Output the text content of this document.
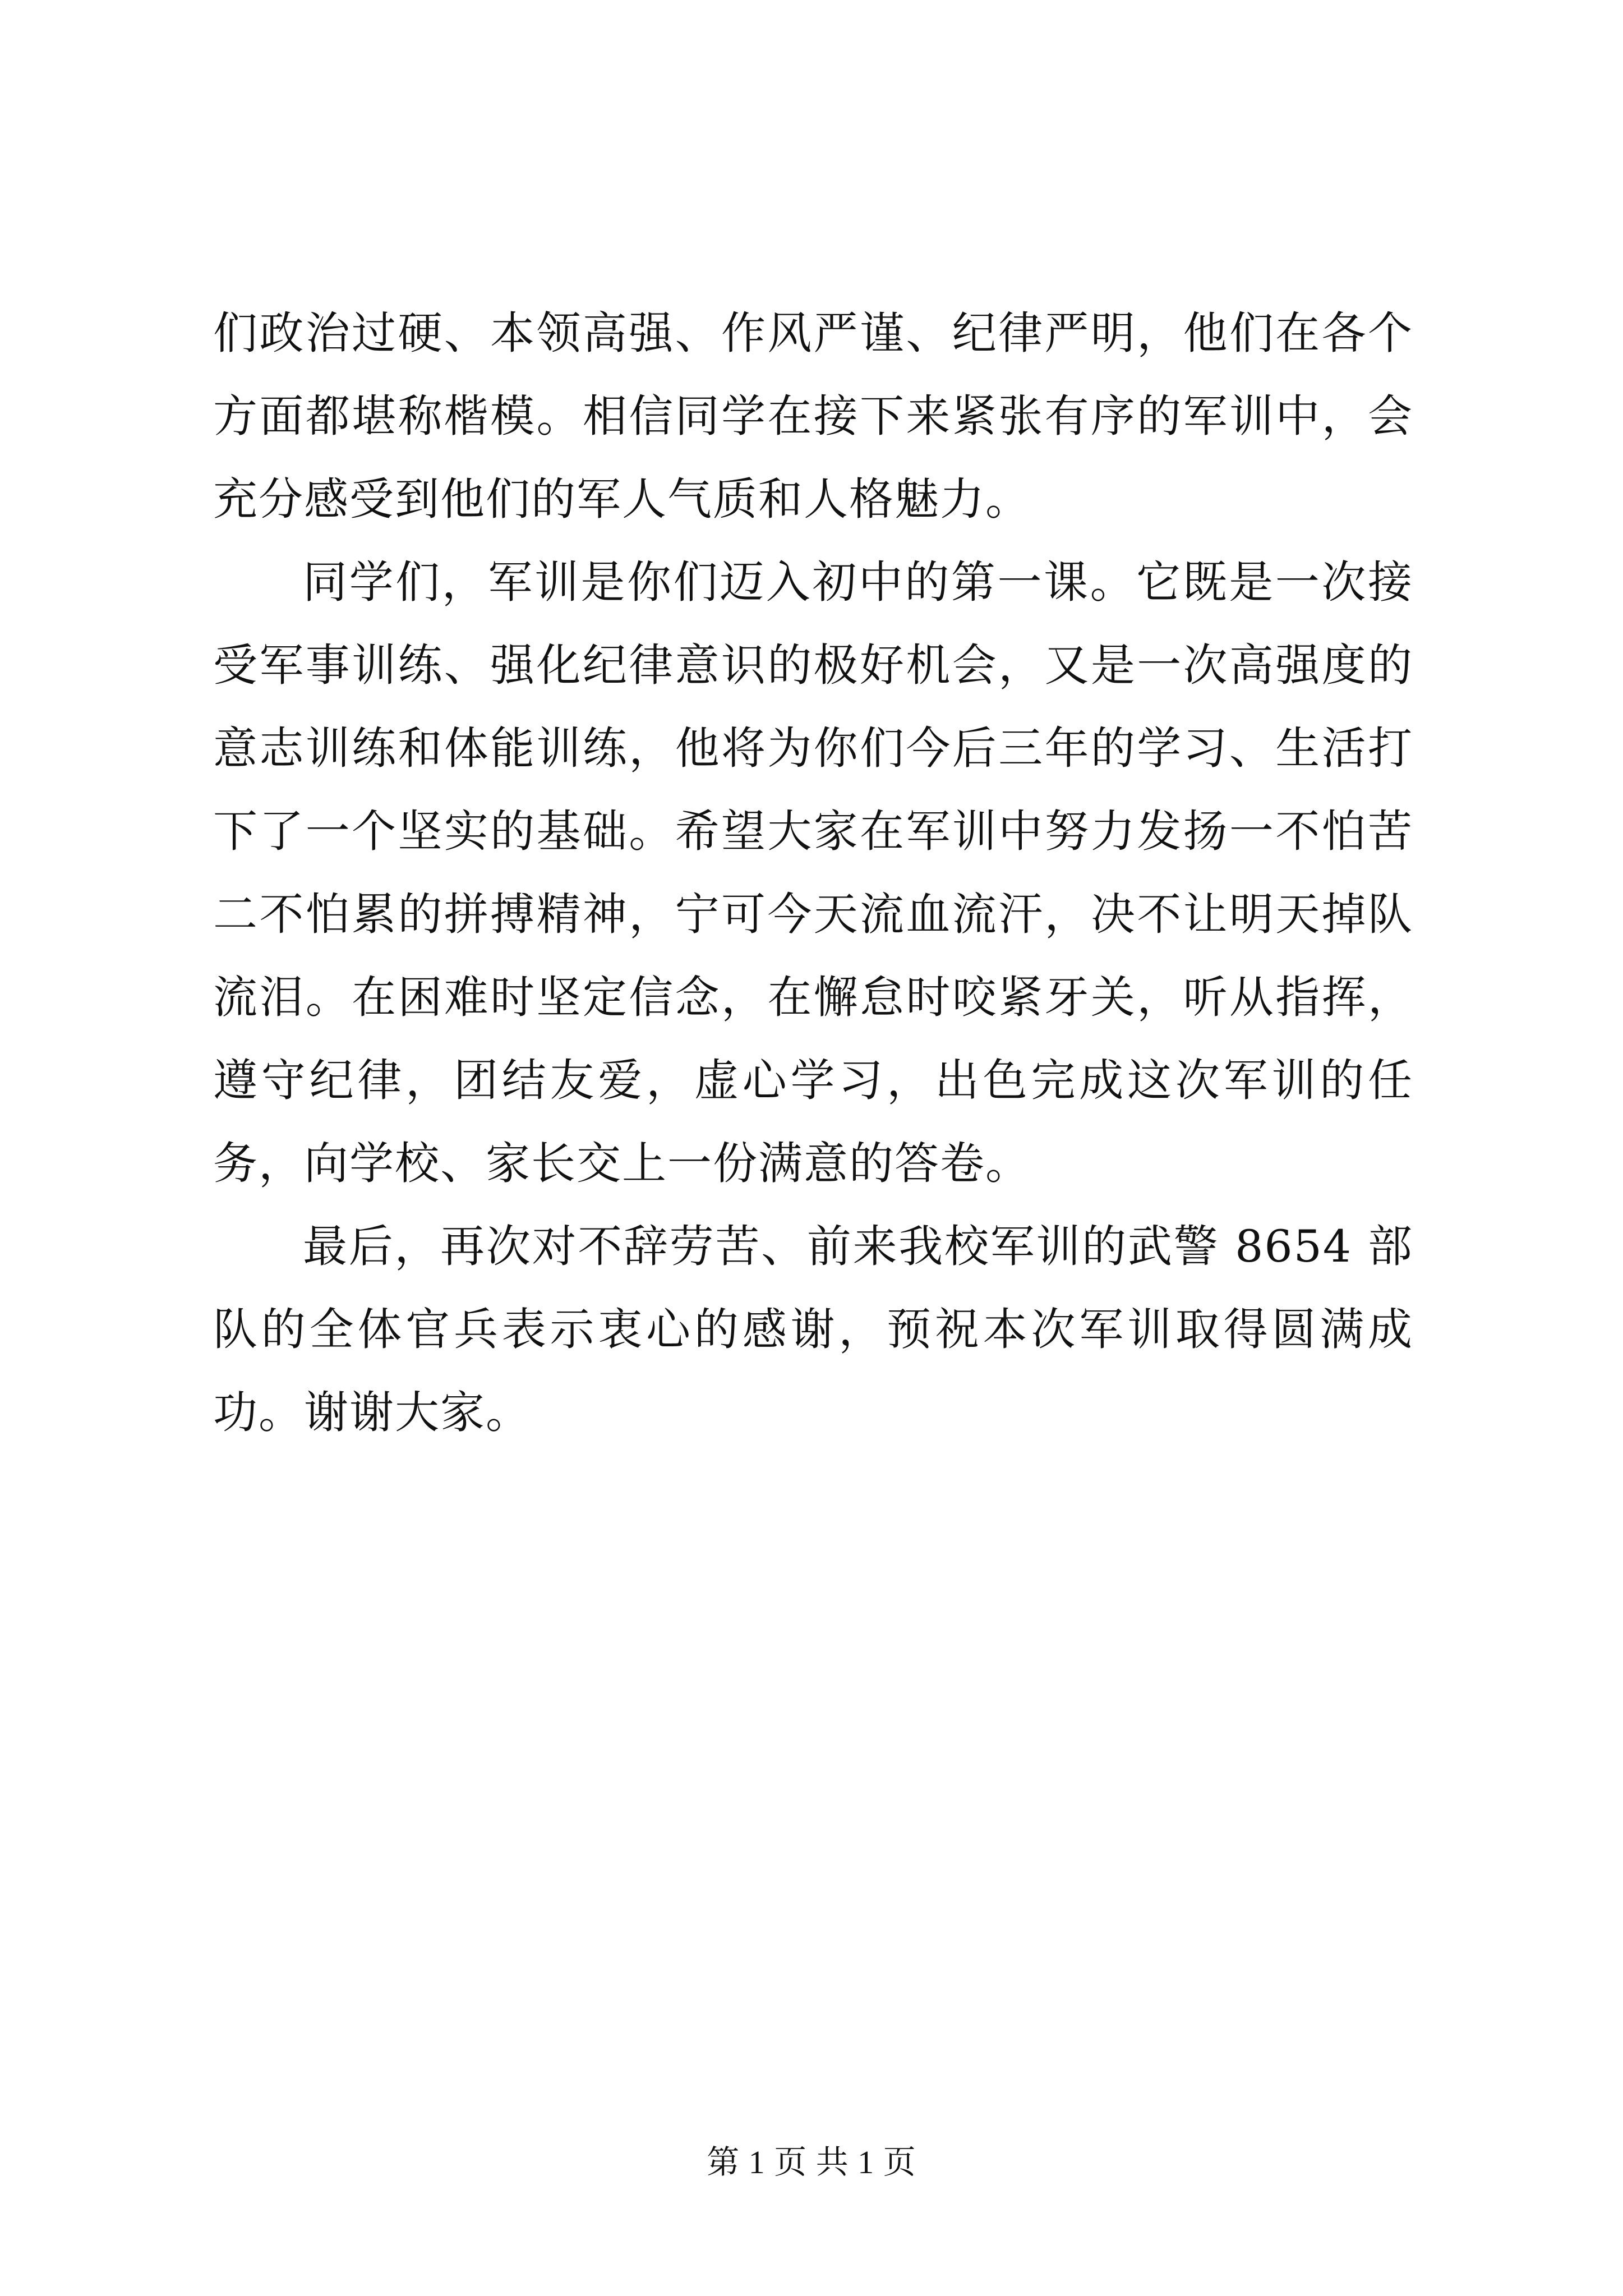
们政治过硬、本领高强、作风严谨、纪律严明，他们在各个方面都堪称楷模。相信同学在接下来紧张有序的军训中，会充分感受到他们的军人气质和人格魅力。

同学们，军训是你们迈入初中的第一课。它既是一次接受军事训练、强化纪律意识的极好机会，又是一次高强度的意志训练和体能训练，他将为你们今后三年的学习、生活打下了一个坚实的基础。希望大家在军训中努力发扬一不怕苦二不怕累的拼搏精神，宁可今天流血流汗，决不让明天掉队流泪。在困难时坚定信念，在懈怠时咬紧牙关，听从指挥，遵守纪律，团结友爱，虚心学习，出色完成这次军训的任务，向学校、家长交上一份满意的答卷。

最后，再次对不辞劳苦、前来我校军训的武警 8654 部队的全体官兵表示衷心的感谢，预祝本次军训取得圆满成功。谢谢大家。

第 1 页 共 1 页
